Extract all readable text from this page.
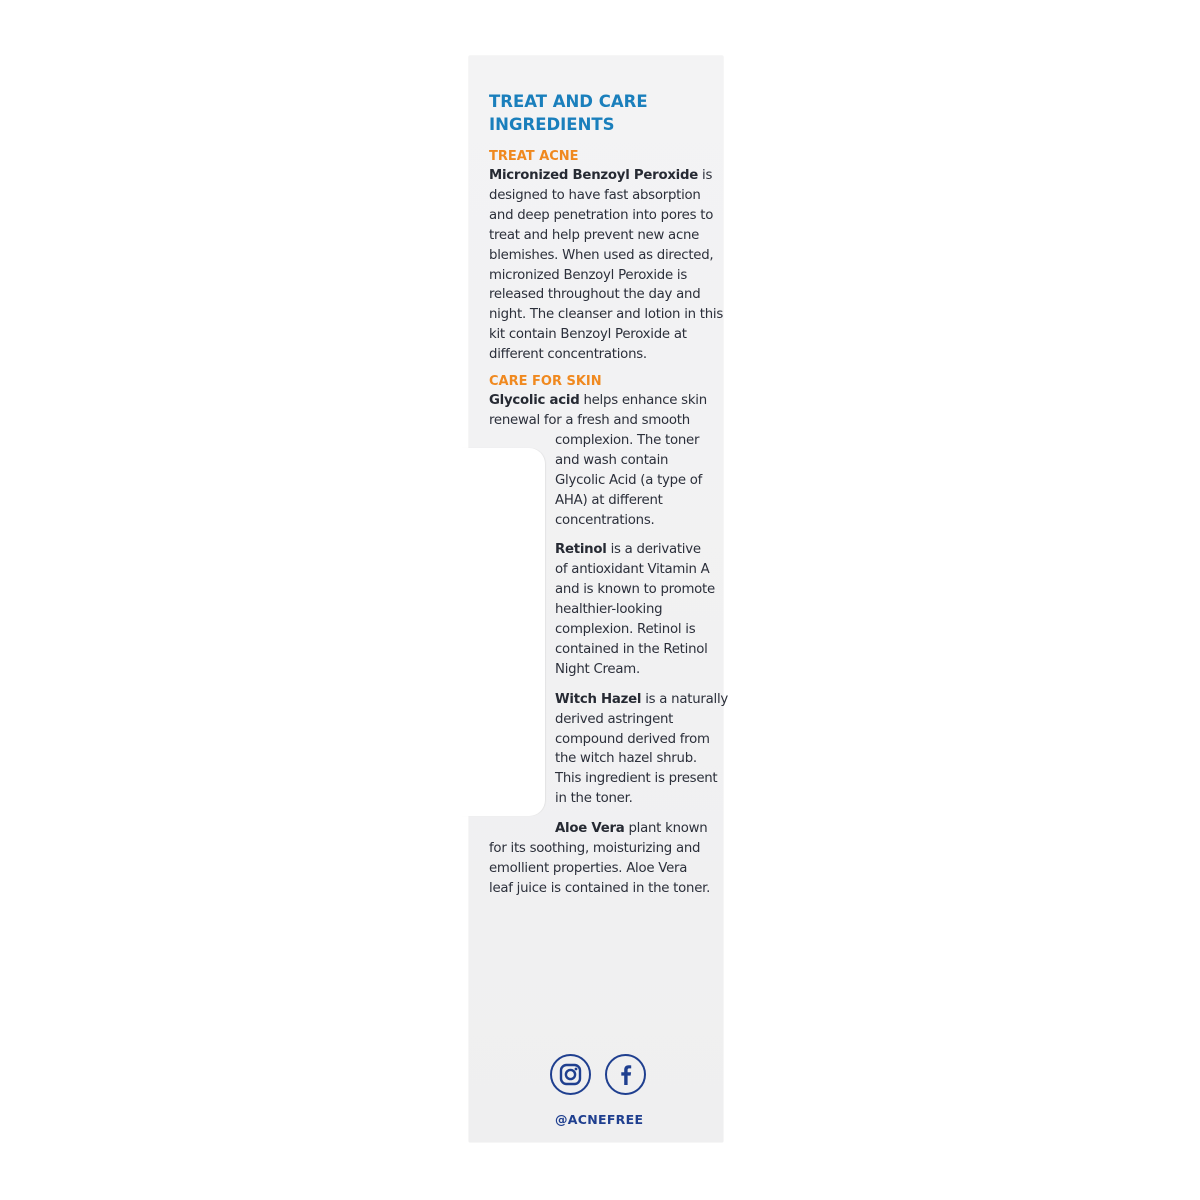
TREAT AND CARE
INGREDIENTS
TREAT ACNE
Micronized Benzoyl Peroxide is
designed to have fast absorption
and deep penetration into pores to
treat and help prevent new acne
blemishes. When used as directed,
micronized Benzoyl Peroxide is
released throughout the day and
night. The cleanser and lotion in this
kit contain Benzoyl Peroxide at
different concentrations.
CARE FOR SKIN
Glycolic acid helps enhance skin
renewal for a fresh and smooth
complexion. The toner
and wash contain
Glycolic Acid (a type of
AHA) at different
concentrations.
Retinol is a derivative
of antioxidant Vitamin A
and is known to promote
healthier-looking
complexion. Retinol is
contained in the Retinol
Night Cream.
Witch Hazel is a naturally
derived astringent
compound derived from
the witch hazel shrub.
This ingredient is present
in the toner.
Aloe Vera plant known
for its soothing, moisturizing and
emollient properties. Aloe Vera
leaf juice is contained in the toner.
@ACNEFREE
